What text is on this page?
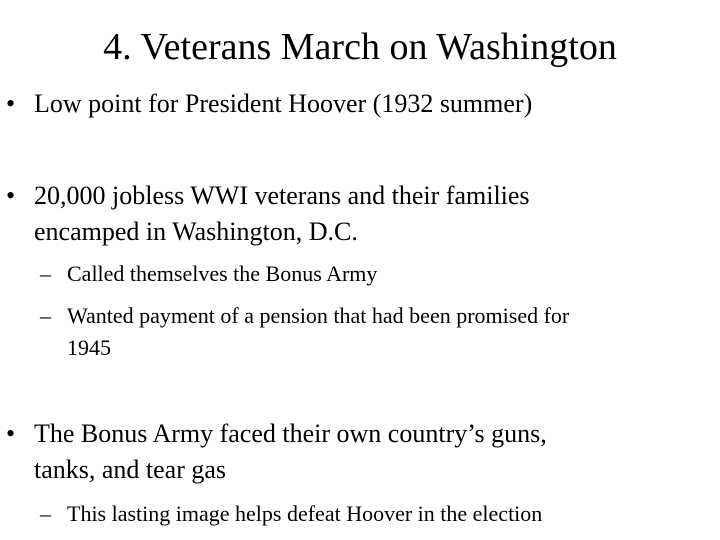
4. Veterans March on Washington
• Low point for President Hoover (1932 summer)
• 20,000 jobless WWI veterans and their families
encamped in Washington, D.C.
– Called themselves the Bonus Army
– Wanted payment of a pension that had been promised for
1945
• The Bonus Army faced their own country’s guns,
tanks, and tear gas
– This lasting image helps defeat Hoover in the election
